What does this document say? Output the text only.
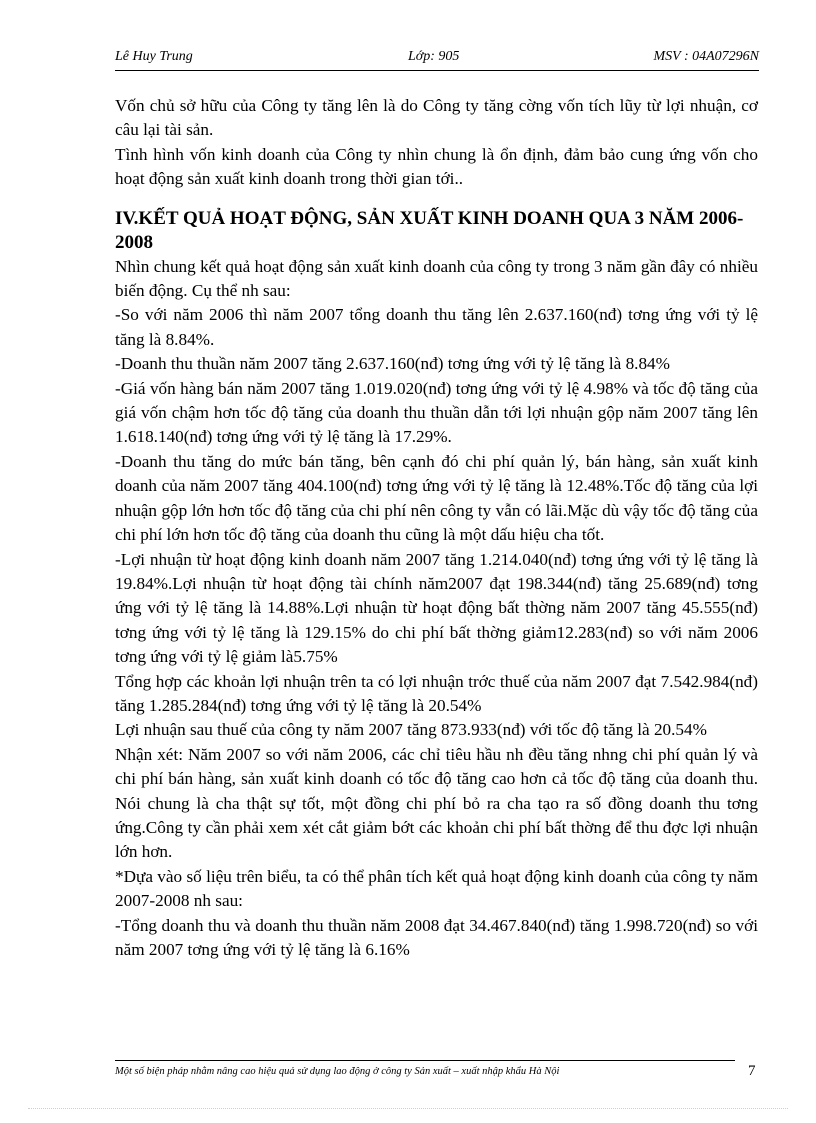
Lê Huy Trung	Lớp: 905	MSV : 04A07296N

Vốn chủ sở hữu của Công ty tăng lên là do Công ty tăng cờng vốn tích lũy từ lợi nhuận, cơ câu lại tài sản.

Tình hình vốn kinh doanh của Công ty nhìn chung là ổn định, đảm bảo cung ứng vốn cho hoạt động sản xuất kinh doanh trong thời gian tới..

IV.KẾT QUẢ HOẠT ĐỘNG, SẢN XUẤT KINH DOANH QUA 3 NĂM 2006-2008

Nhìn chung kết quả hoạt động sản xuất kinh doanh của công ty trong 3 năm gần đây có nhiều biến động. Cụ thể nh sau:

-So với năm 2006 thì năm 2007 tổng doanh thu tăng lên 2.637.160(nđ) tơng ứng với tỷ lệ tăng là 8.84%.

-Doanh thu thuần năm 2007 tăng 2.637.160(nđ) tơng ứng với tỷ lệ tăng là 8.84%

-Giá vốn hàng bán năm 2007 tăng 1.019.020(nđ) tơng ứng với tỷ lệ 4.98% và tốc độ tăng của giá vốn chậm hơn tốc độ tăng của doanh thu thuần dẫn tới lợi nhuận gộp năm 2007 tăng lên 1.618.140(nđ) tơng ứng với tỷ lệ tăng là 17.29%.

-Doanh thu tăng do mức bán tăng, bên cạnh đó chi phí quản lý, bán hàng, sản xuất kinh doanh của năm 2007 tăng 404.100(nđ) tơng ứng với tỷ lệ tăng là 12.48%.Tốc độ tăng của lợi nhuận gộp lớn hơn tốc độ tăng của chi phí nên công ty vẫn có lãi.Mặc dù vậy tốc độ tăng của chi phí lớn hơn tốc độ tăng của doanh thu cũng là một dấu hiệu cha tốt.

-Lợi nhuận từ hoạt động kinh doanh năm 2007 tăng 1.214.040(nđ) tơng ứng với tỷ lệ tăng là 19.84%.Lợi nhuận từ hoạt động tài chính năm2007 đạt 198.344(nđ) tăng 25.689(nđ) tơng ứng với tỷ lệ tăng là 14.88%.Lợi nhuận từ hoạt động bất thờng năm 2007 tăng 45.555(nđ) tơng ứng với tỷ lệ tăng là 129.15% do chi phí bất thờng giảm12.283(nđ) so với năm 2006 tơng ứng với tỷ lệ giảm là5.75%

Tổng hợp các khoản lợi nhuận trên ta có lợi nhuận trớc thuế của năm 2007 đạt 7.542.984(nđ) tăng 1.285.284(nđ) tơng ứng với tỷ lệ tăng là 20.54%

Lợi nhuận sau thuế của công ty năm 2007 tăng 873.933(nđ) với tốc độ tăng là 20.54%

Nhận xét: Năm 2007 so với năm 2006, các chỉ tiêu hầu nh đều tăng nhng chi phí quản lý và chi phí bán hàng, sản xuất kinh doanh có tốc độ tăng cao hơn cả tốc độ tăng của doanh thu. Nói chung là cha thật sự tốt, một đồng chi phí bỏ ra cha tạo ra số đồng doanh thu tơng ứng.Công ty cần phải xem xét cắt giảm bớt các khoản chi phí bất thờng để thu đợc lợi nhuận lớn hơn.

*Dựa vào số liệu trên biểu, ta có thể phân tích kết quả hoạt động kinh doanh của công ty năm 2007-2008 nh sau:

-Tổng doanh thu và doanh thu thuần năm 2008 đạt 34.467.840(nđ) tăng 1.998.720(nđ) so với năm 2007 tơng ứng với tỷ lệ tăng là 6.16%

Một số biện pháp nhằm nâng cao hiệu quả sử dụng lao động ở công ty Sản xuất – xuất nhập khẩu Hà Nội	7
